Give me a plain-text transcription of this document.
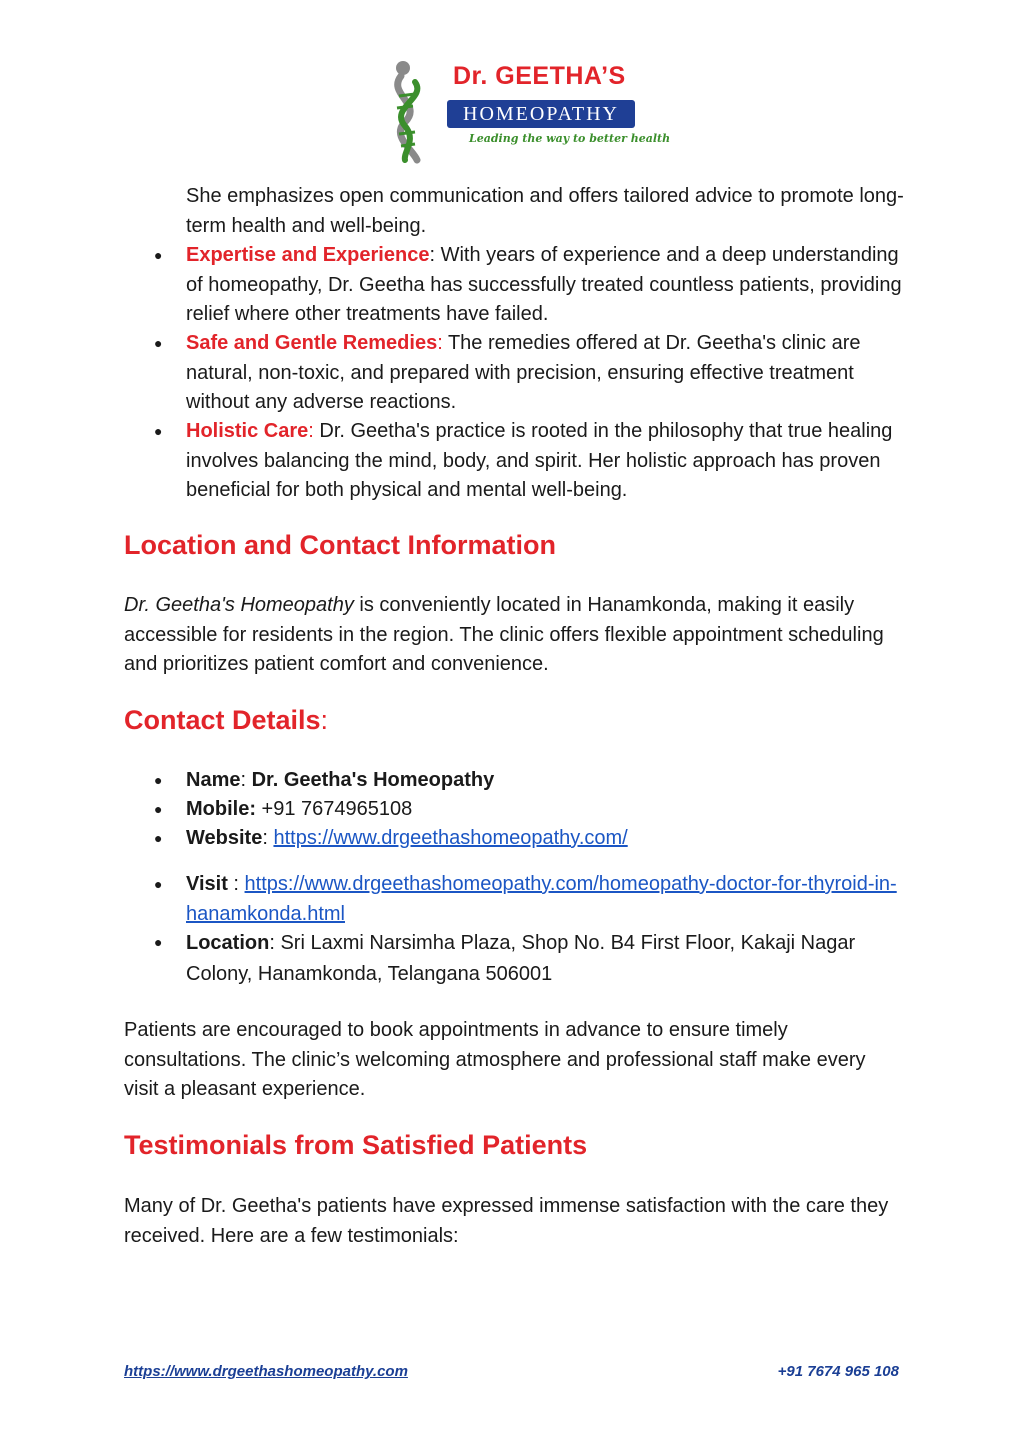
Dr. GEETHA’S
HOMEOPATHY
Leading the way to better health
She emphasizes open communication and offers tailored advice to promote long-term health and well-being.
● Expertise and Experience: With years of experience and a deep understanding of homeopathy, Dr. Geetha has successfully treated countless patients, providing relief where other treatments have failed.
● Safe and Gentle Remedies: The remedies offered at Dr. Geetha's clinic are natural, non-toxic, and prepared with precision, ensuring effective treatment without any adverse reactions.
● Holistic Care: Dr. Geetha's practice is rooted in the philosophy that true healing involves balancing the mind, body, and spirit. Her holistic approach has proven beneficial for both physical and mental well-being.
Location and Contact Information
Dr. Geetha's Homeopathy is conveniently located in Hanamkonda, making it easily accessible for residents in the region. The clinic offers flexible appointment scheduling and prioritizes patient comfort and convenience.
Contact Details:
● Name: Dr. Geetha's Homeopathy
● Mobile: +91 7674965108
● Website: https://www.drgeethashomeopathy.com/
● Visit : https://www.drgeethashomeopathy.com/homeopathy-doctor-for-thyroid-in-hanamkonda.html
● Location: Sri Laxmi Narsimha Plaza, Shop No. B4 First Floor, Kakaji Nagar Colony, Hanamkonda, Telangana 506001
Patients are encouraged to book appointments in advance to ensure timely consultations. The clinic’s welcoming atmosphere and professional staff make every visit a pleasant experience.
Testimonials from Satisfied Patients
Many of Dr. Geetha's patients have expressed immense satisfaction with the care they received. Here are a few testimonials:
https://www.drgeethashomeopathy.com	+91 7674 965 108
